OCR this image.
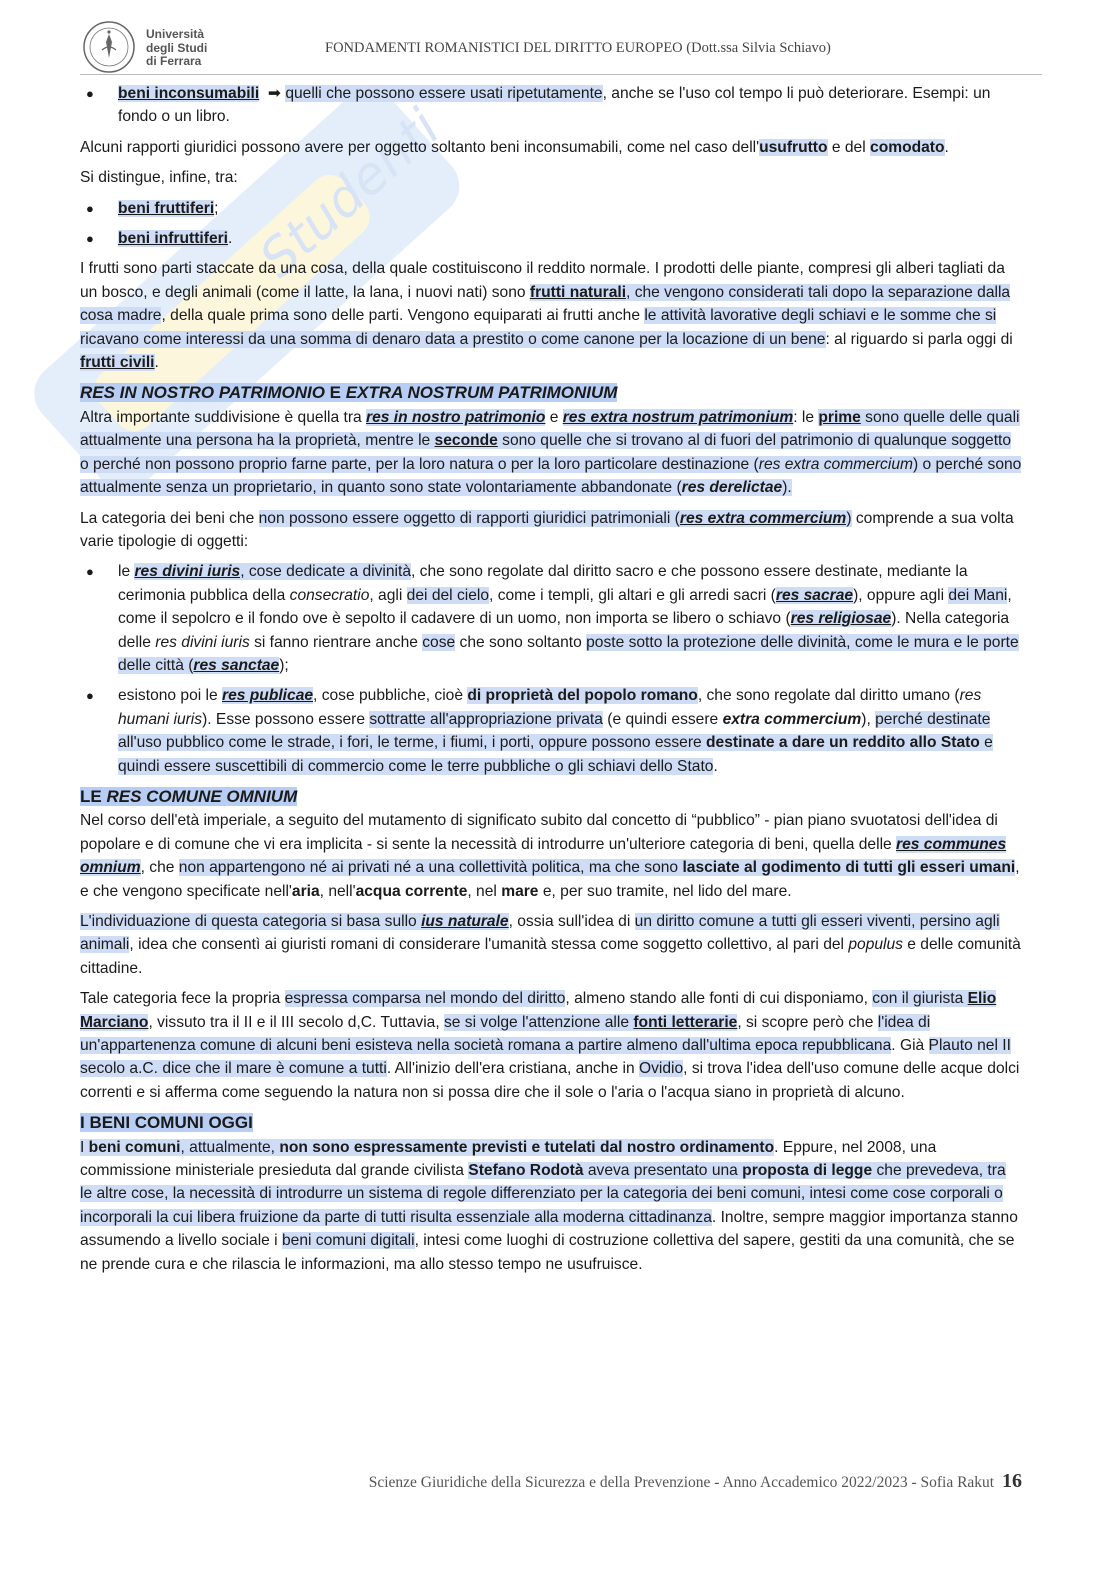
Università
degli Studi
di Ferrara
FONDAMENTI ROMANISTICI DEL DIRITTO EUROPEO (Dott.ssa Silvia Schiavo)
Studenti
●	beni inconsumabili ➡ quelli che possono essere usati ripetutamente, anche se l'uso col tempo li può deteriorare. Esempi: un fondo o un libro.

Alcuni rapporti giuridici possono avere per oggetto soltanto beni inconsumabili, come nel caso dell'usufrutto e del comodato.

Si distingue, infine, tra:

●	beni fruttiferi;
●	beni infruttiferi.

I frutti sono parti staccate da una cosa, della quale costituiscono il reddito normale. I prodotti delle piante, compresi gli alberi tagliati da un bosco, e degli animali (come il latte, la lana, i nuovi nati) sono frutti naturali, che vengono considerati tali dopo la separazione dalla cosa madre, della quale prima sono delle parti. Vengono equiparati ai frutti anche le attività lavorative degli schiavi e le somme che si ricavano come interessi da una somma di denaro data a prestito o come canone per la locazione di un bene: al riguardo si parla oggi di frutti civili.

RES IN NOSTRO PATRIMONIO E EXTRA NOSTRUM PATRIMONIUM

Altra importante suddivisione è quella tra res in nostro patrimonio e res extra nostrum patrimonium: le prime sono quelle delle quali attualmente una persona ha la proprietà, mentre le seconde sono quelle che si trovano al di fuori del patrimonio di qualunque soggetto o perché non possono proprio farne parte, per la loro natura o per la loro particolare destinazione (res extra commercium) o perché sono attualmente senza un proprietario, in quanto sono state volontariamente abbandonate (res derelictae).

La categoria dei beni che non possono essere oggetto di rapporti giuridici patrimoniali (res extra commercium) comprende a sua volta varie tipologie di oggetti:

●	le res divini iuris, cose dedicate a divinità, che sono regolate dal diritto sacro e che possono essere destinate, mediante la cerimonia pubblica della consecratio, agli dei del cielo, come i templi, gli altari e gli arredi sacri (res sacrae), oppure agli dei Mani, come il sepolcro e il fondo ove è sepolto il cadavere di un uomo, non importa se libero o schiavo (res religiosae). Nella categoria delle res divini iuris si fanno rientrare anche cose che sono soltanto poste sotto la protezione delle divinità, come le mura e le porte delle città (res sanctae);
●	esistono poi le res publicae, cose pubbliche, cioè di proprietà del popolo romano, che sono regolate dal diritto umano (res humani iuris). Esse possono essere sottratte all'appropriazione privata (e quindi essere extra commercium), perché destinate all'uso pubblico come le strade, i fori, le terme, i fiumi, i porti, oppure possono essere destinate a dare un reddito allo Stato e quindi essere suscettibili di commercio come le terre pubbliche o gli schiavi dello Stato.
LE RES COMUNE OMNIUM

Nel corso dell'età imperiale, a seguito del mutamento di significato subito dal concetto di “pubblico” - pian piano svuotatosi dell'idea di popolare e di comune che vi era implicita - si sente la necessità di introdurre un'ulteriore categoria di beni, quella delle res communes omnium, che non appartengono né ai privati né a una collettività politica, ma che sono lasciate al godimento di tutti gli esseri umani, e che vengono specificate nell'aria, nell'acqua corrente, nel mare e, per suo tramite, nel lido del mare.

L'individuazione di questa categoria si basa sullo ius naturale, ossia sull'idea di un diritto comune a tutti gli esseri viventi, persino agli animali, idea che consentì ai giuristi romani di considerare l'umanità stessa come soggetto collettivo, al pari del populus e delle comunità cittadine.

Tale categoria fece la propria espressa comparsa nel mondo del diritto, almeno stando alle fonti di cui disponiamo, con il giurista Elio Marciano, vissuto tra il II e il III secolo d,C. Tuttavia, se si volge l'attenzione alle fonti letterarie, si scopre però che l'idea di un'appartenenza comune di alcuni beni esisteva nella società romana a partire almeno dall'ultima epoca repubblicana. Già Plauto nel II secolo a.C. dice che il mare è comune a tutti. All'inizio dell'era cristiana, anche in Ovidio, si trova l'idea dell'uso comune delle acque dolci correnti e si afferma come seguendo la natura non si possa dire che il sole o l'aria o l'acqua siano in proprietà di alcuno.

I BENI COMUNI OGGI

I beni comuni, attualmente, non sono espressamente previsti e tutelati dal nostro ordinamento. Eppure, nel 2008, una commissione ministeriale presieduta dal grande civilista Stefano Rodotà aveva presentato una proposta di legge che prevedeva, tra le altre cose, la necessità di introdurre un sistema di regole differenziato per la categoria dei beni comuni, intesi come cose corporali o incorporali la cui libera fruizione da parte di tutti risulta essenziale alla moderna cittadinanza. Inoltre, sempre maggior importanza stanno assumendo a livello sociale i beni comuni digitali, intesi come luoghi di costruzione collettiva del sapere, gestiti da una comunità, che se ne prende cura e che rilascia le informazioni, ma allo stesso tempo ne usufruisce.

Scienze Giuridiche della Sicurezza e della Prevenzione - Anno Accademico 2022/2023 - Sofia Rakut 16
